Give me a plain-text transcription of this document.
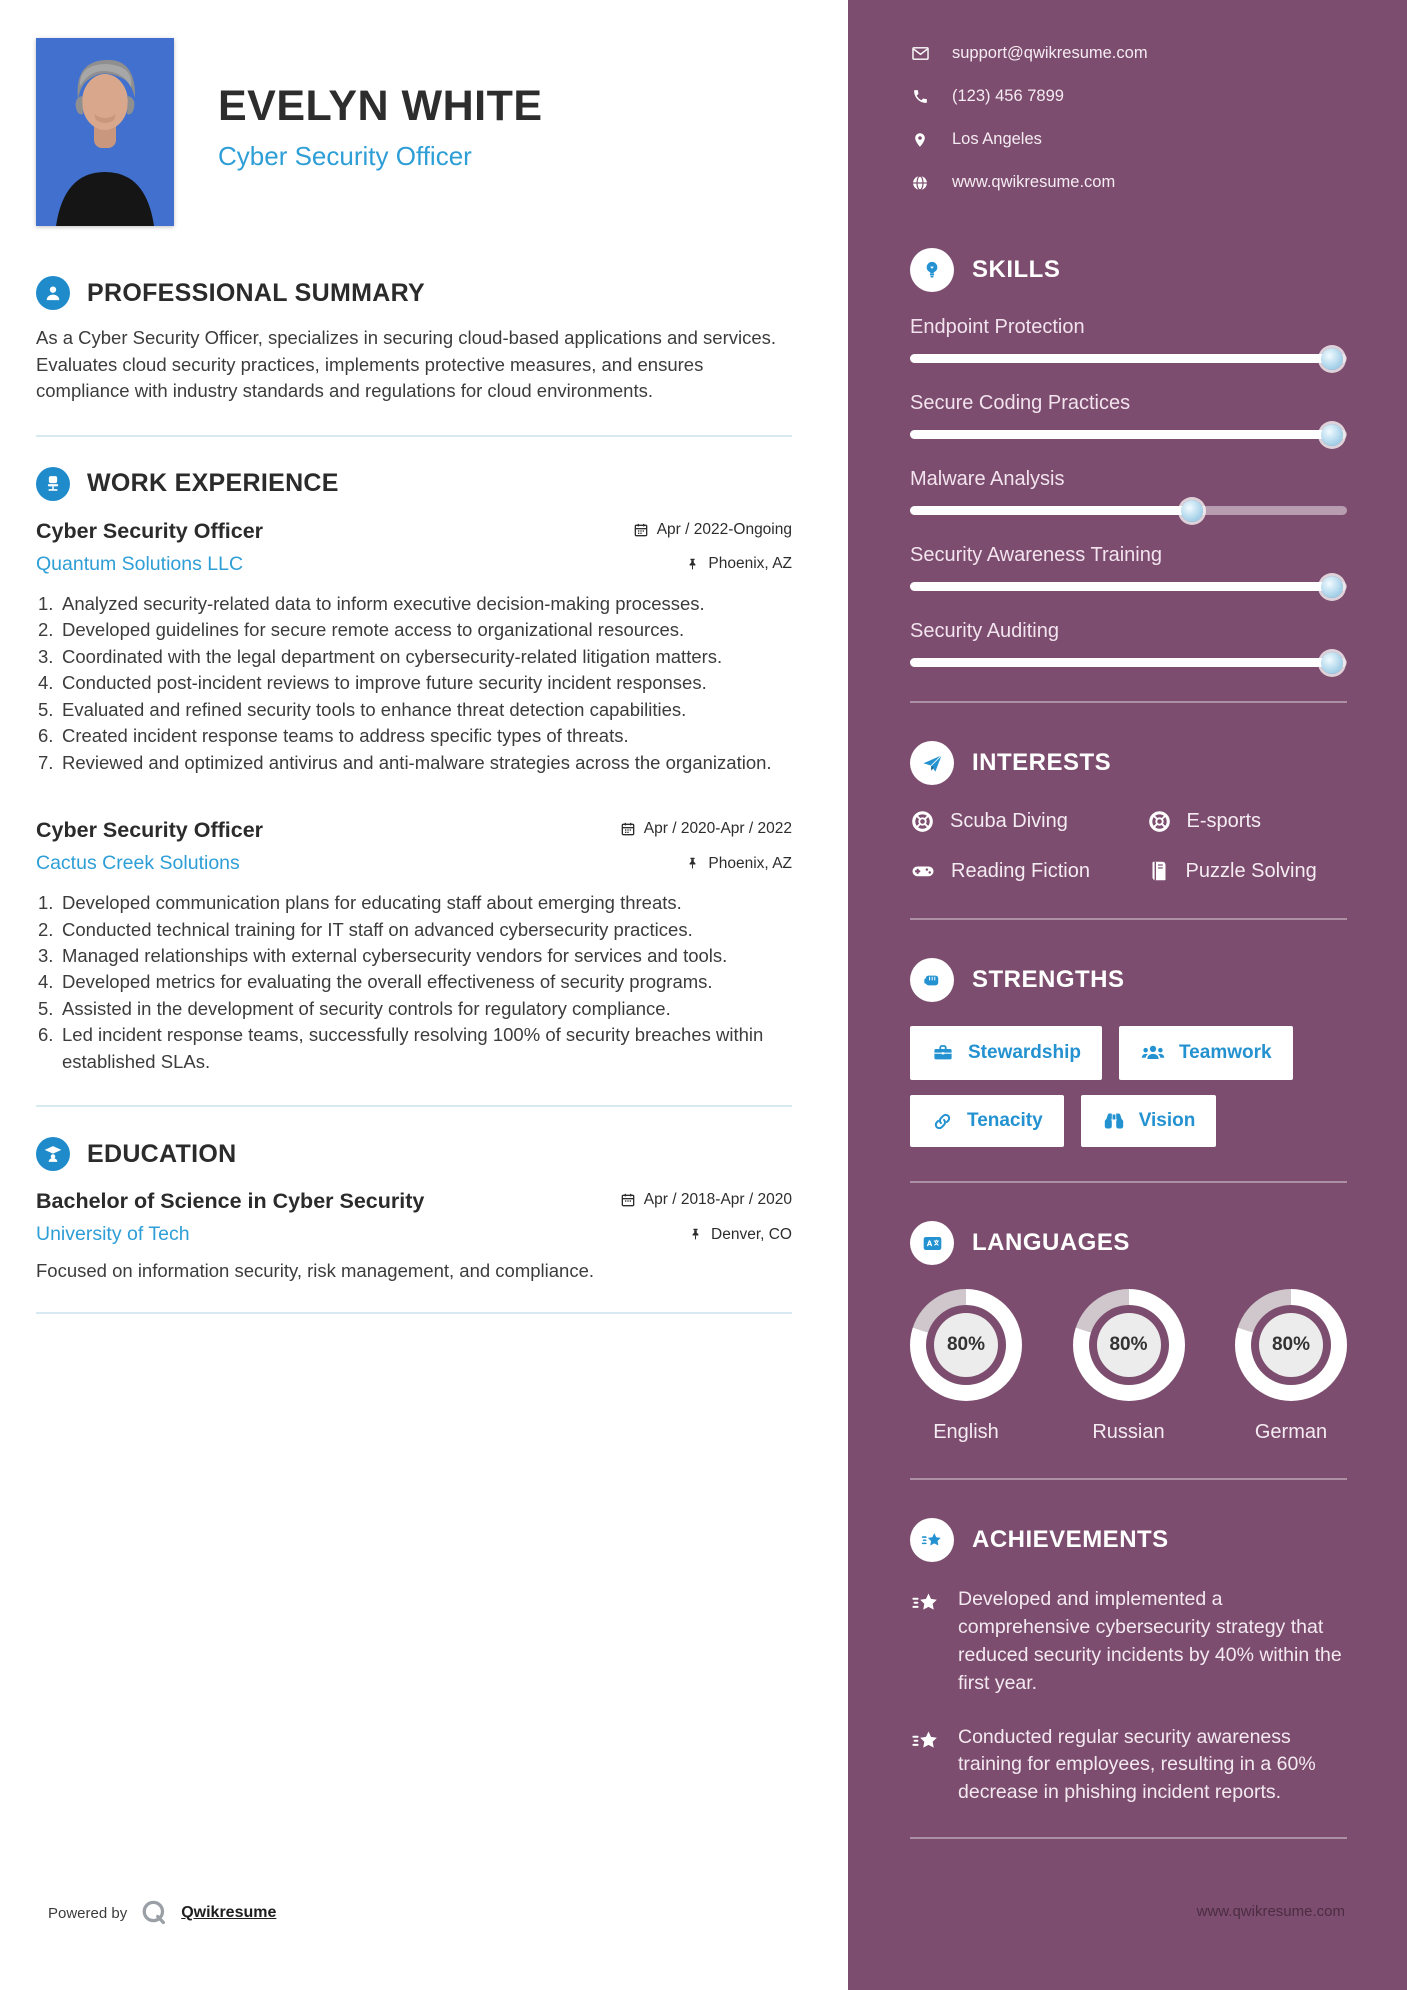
EVELYN WHITE
Cyber Security Officer
PROFESSIONAL SUMMARY

As a Cyber Security Officer, specializes in securing cloud-based applications and services. Evaluates cloud security practices, implements protective measures, and ensures compliance with industry standards and regulations for cloud environments.

WORK EXPERIENCE
Cyber Security Officer	Apr / 2022-Ongoing
Quantum Solutions LLC	Phoenix, AZ
Analyzed security-related data to inform executive decision-making processes.
Developed guidelines for secure remote access to organizational resources.
Coordinated with the legal department on cybersecurity-related litigation matters.
Conducted post-incident reviews to improve future security incident responses.
Evaluated and refined security tools to enhance threat detection capabilities.
Created incident response teams to address specific types of threats.
Reviewed and optimized antivirus and anti-malware strategies across the organization.
Cyber Security Officer	Apr / 2020-Apr / 2022
Cactus Creek Solutions	Phoenix, AZ
Developed communication plans for educating staff about emerging threats.
Conducted technical training for IT staff on advanced cybersecurity practices.
Managed relationships with external cybersecurity vendors for services and tools.
Developed metrics for evaluating the overall effectiveness of security programs.
Assisted in the development of security controls for regulatory compliance.
Led incident response teams, successfully resolving 100% of security breaches within established SLAs.
EDUCATION
Bachelor of Science in Cyber Security	Apr / 2018-Apr / 2020
University of Tech	Denver, CO

Focused on information security, risk management, and compliance.

Powered by	Qwikresume
support@qwikresume.com
(123) 456 7899
Los Angeles
www.qwikresume.com
SKILLS
Endpoint Protection
Secure Coding Practices
Malware Analysis
Security Awareness Training
Security Auditing
INTERESTS
Scuba Diving	E-sports
Reading Fiction	Puzzle Solving
STRENGTHS
Stewardship	Teamwork
Tenacity	Vision
LANGUAGES
80%
English
80%
Russian
80%
German
ACHIEVEMENTS

Developed and implemented a comprehensive cybersecurity strategy that reduced security incidents by 40% within the first year.

Conducted regular security awareness training for employees, resulting in a 60% decrease in phishing incident reports.

www.qwikresume.com
